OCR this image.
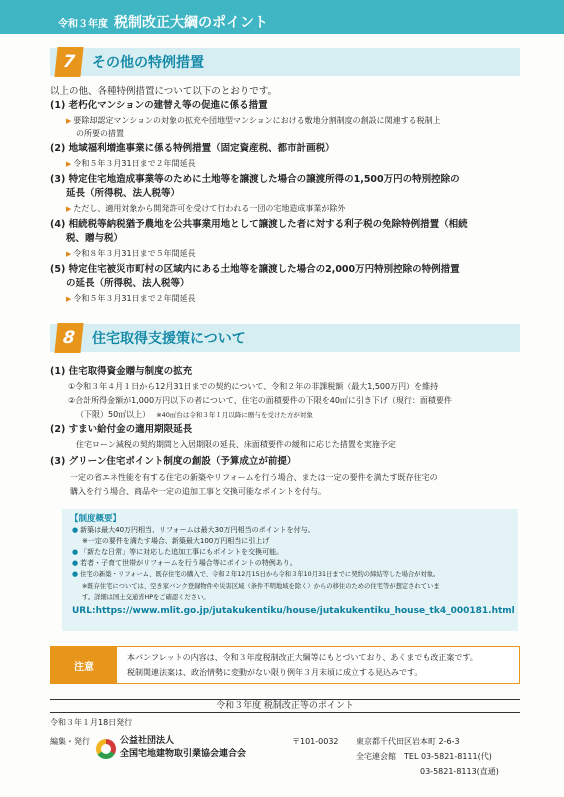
令和３年度 税制改正大綱のポイント
7	その他の特例措置
以上の他、各種特例措置について以下のとおりです。
(1) 老朽化マンションの建替え等の促進に係る措置
▶ 要除却認定マンションの対象の拡充や団地型マンションにおける敷地分割制度の創設に関連する税制上
の所要の措置
(2) 地域福利増進事業に係る特例措置（固定資産税、都市計画税）
▶ 令和５年３月31日まで２年間延長
(3) 特定住宅地造成事業等のために土地等を譲渡した場合の譲渡所得の1,500万円の特別控除の
延長（所得税、法人税等）
▶ ただし、適用対象から開発許可を受けて行われる一団の宅地造成事業が除外
(4) 相続税等納税猶予農地を公共事業用地として譲渡した者に対する利子税の免除特例措置（相続
税、贈与税）
▶ 令和８年３月31日まで５年間延長
(5) 特定住宅被災市町村の区域内にある土地等を譲渡した場合の2,000万円特別控除の特例措置
の延長（所得税、法人税等）
▶ 令和５年３月31日まで２年間延長
8	住宅取得支援策について
(1) 住宅取得資金贈与制度の拡充
①令和３年４月１日から12月31日までの契約について、令和２年の非課税額（最大1,500万円）を維持
②合計所得金額が1,000万円以下の者について、住宅の面積要件の下限を40㎡に引き下げ（現行：面積要件
（下限）50㎡以上） ※40㎡台は令和３年１月以降に贈与を受けた方が対象
(2) すまい給付金の適用期限延長
住宅ローン減税の契約期間と入居期限の延長、床面積要件の緩和に応じた措置を実施予定
(3) グリーン住宅ポイント制度の創設（予算成立が前提）
一定の省エネ性能を有する住宅の新築やリフォームを行う場合、または一定の要件を満たす既存住宅の
購入を行う場合、商品や一定の追加工事と交換可能なポイントを付与。
【制度概要】
● 新築は最大40万円相当、リフォームは最大30万円相当のポイントを付与。
※一定の要件を満たす場合、新築最大100万円相当に引上げ
● 「新たな日常」等に対応した追加工事にもポイントを交換可能。
● 若者・子育て世帯がリフォームを行う場合等にポイントの特例あり。
● 住宅の新築・リフォーム、既存住宅の購入で、令和２年12月15日から令和３年10月31日までに契約の締結等した場合が対象。
※既存住宅については、空き家バンク登録物件や災害区域（条件不明地域を除く）からの移住のための住宅等が想定されていま
す。詳細は国土交通省HPをご確認ください。
URL:https://www.mlit.go.jp/jutakukentiku/house/jutakukentiku_house_tk4_000181.html
注意
本パンフレットの内容は、令和３年度税制改正大綱等にもとづいており、あくまでも改正案です。
税制関連法案は、政治情勢に変動がない限り例年３月末頃に成立する見込みです。
令和３年度 税制改正等のポイント
令和３年１月18日発行
編集・発行	公益社団法人
全国宅地建物取引業協会連合会
〒101-0032 東京都千代田区岩本町 2-6-3
全宅連会館 TEL 03-5821-8111(代)
03-5821-8113(直通)
